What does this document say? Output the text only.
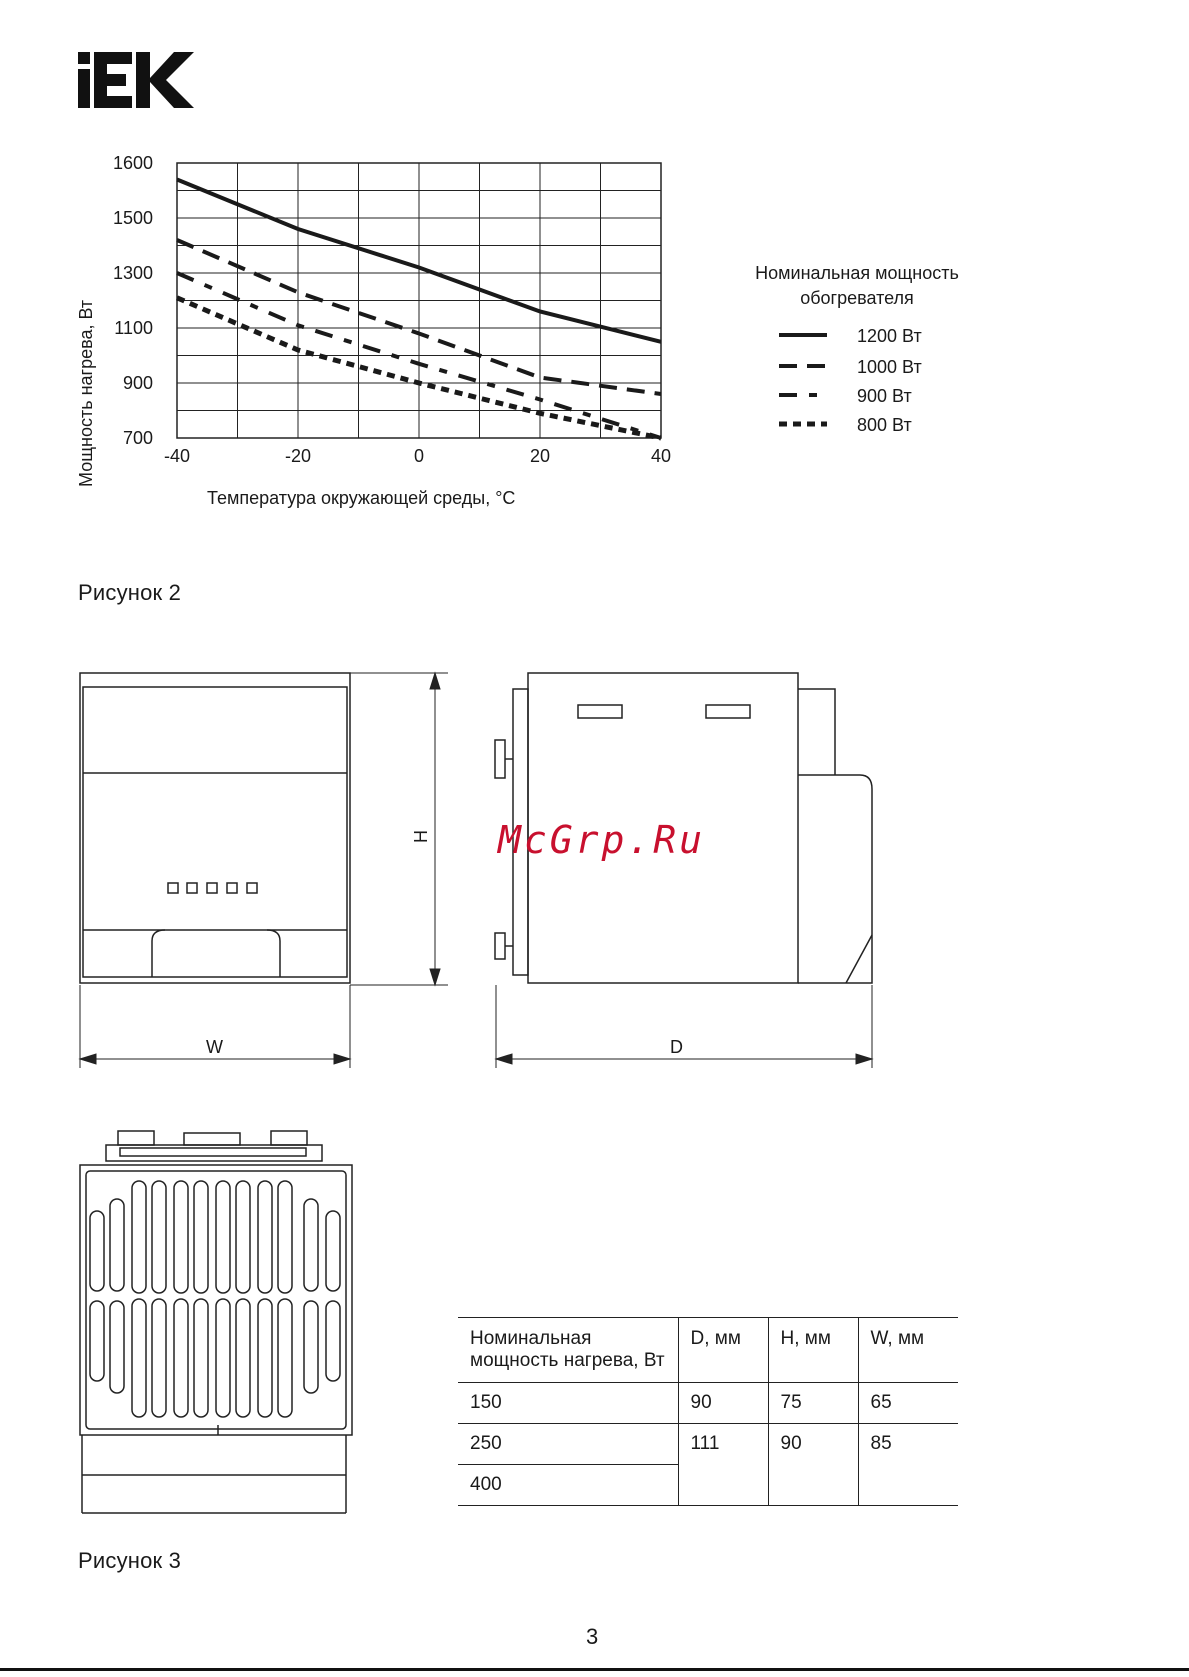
-40	-20	0	20	40
1600
1500
1300
1100
900
700
Мощность нагрева, Вт
Температура окружающей среды, °С
Номинальная мощность
обогревателя
1200 Вт
1000 Вт
900 Вт
800 Вт
Рисунок 2
H
W	D
McGrp.Ru
Номинальная
мощность нагрева, Вт	D, мм	H, мм	W, мм
150	90	75	65
250	111	90	85
400			
Рисунок 3
3
